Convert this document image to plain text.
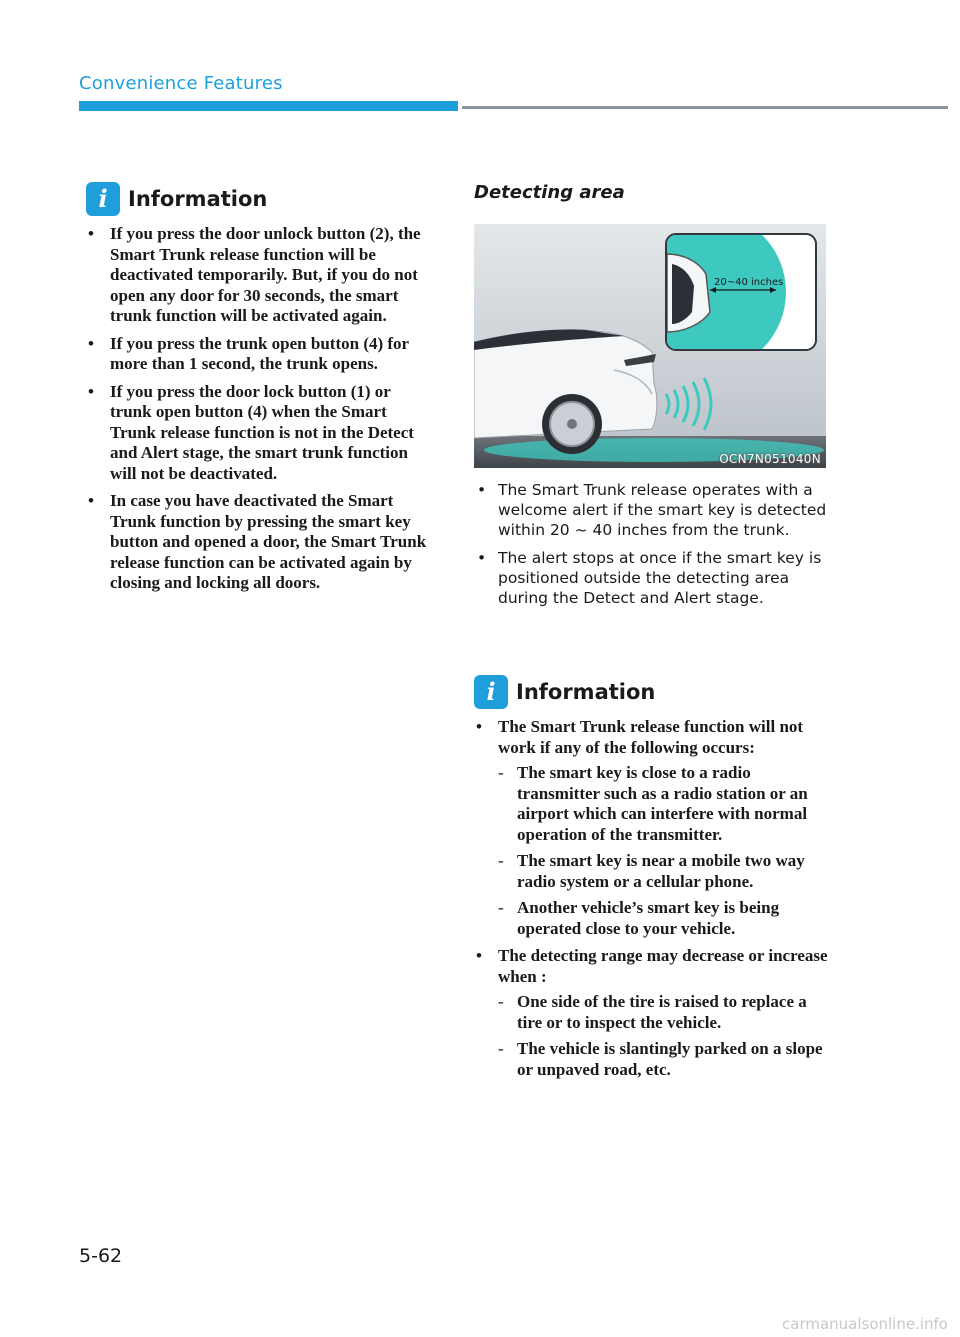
Convenience Features
i Information
• If you press the door unlock button (2), the Smart Trunk release function will be deactivated temporarily. But, if you do not open any door for 30 seconds, the smart trunk function will be activated again.
• If you press the trunk open button (4) for more than 1 second, the trunk opens.
• If you press the door lock button (1) or trunk open button (4) when the Smart Trunk release function is not in the Detect and Alert stage, the smart trunk function will not be deactivated.
• In case you have deactivated the Smart Trunk function by pressing the smart key button and opened a door, the Smart Trunk release function can be activated again by closing and locking all doors.
Detecting area
20~40 inches
OCN7N051040N
• The Smart Trunk release operates with a welcome alert if the smart key is detected within 20 ~ 40 inches from the trunk.
• The alert stops at once if the smart key is positioned outside the detecting area during the Detect and Alert stage.
i Information
• The Smart Trunk release function will not work if any of the following occurs:
- The smart key is close to a radio transmitter such as a radio station or an airport which can interfere with normal operation of the transmitter.
- The smart key is near a mobile two way radio system or a cellular phone.
- Another vehicle’s smart key is being operated close to your vehicle.
• The detecting range may decrease or increase when :
- One side of the tire is raised to replace a tire or to inspect the vehicle.
- The vehicle is slantingly parked on a slope or unpaved road, etc.
5-62
carmanualsonline.info
